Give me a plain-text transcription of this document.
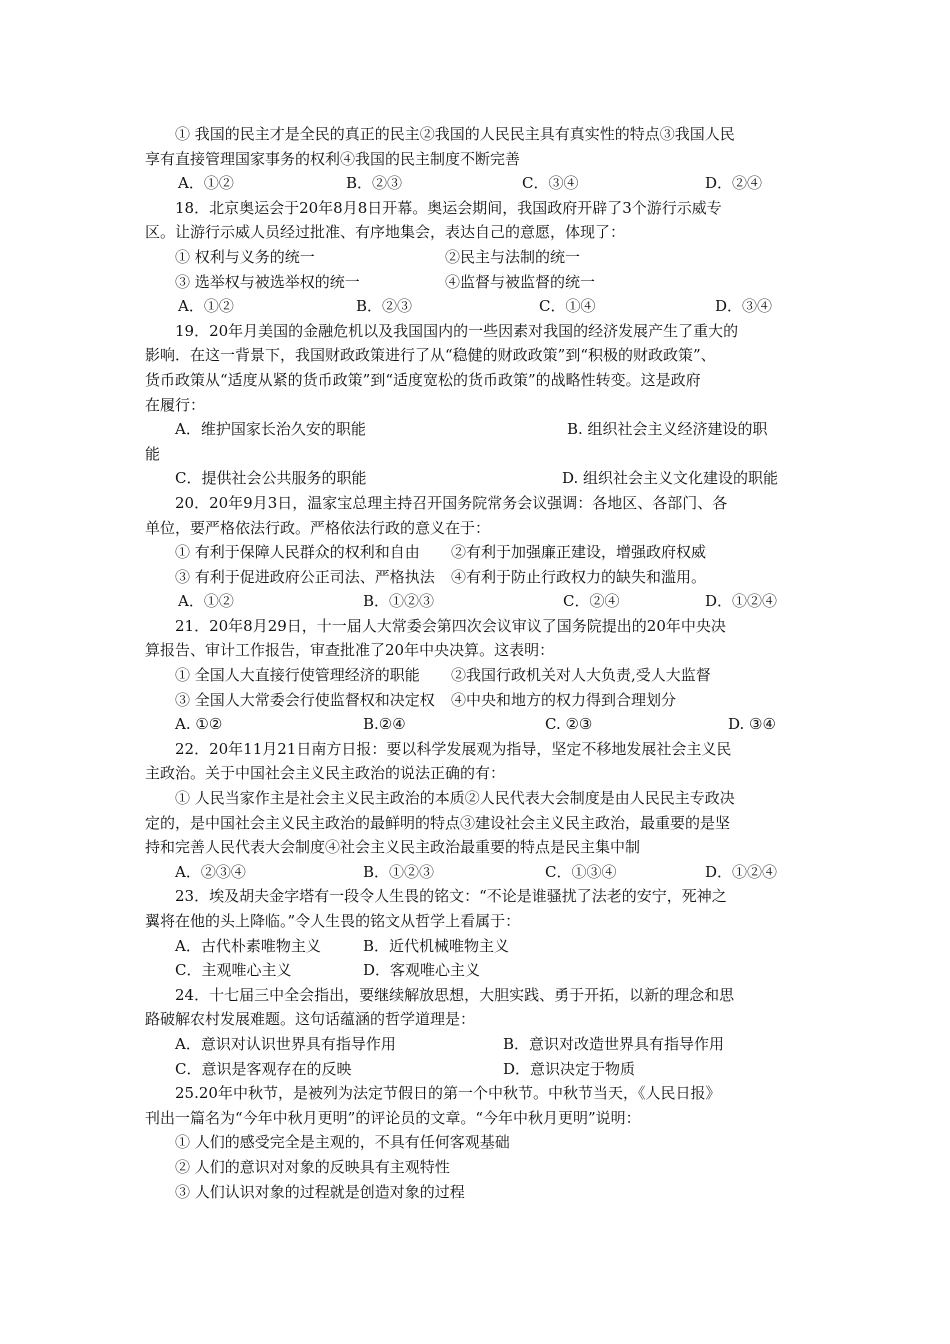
① 我国的民主才是全民的真正的民主②我国的人民民主具有真实性的特点③我国人民
享有直接管理国家事务的权利④我国的民主制度不断完善
A．①②	B．②③	C．③④	D．②④
18．北京奥运会于20年8月8日开幕。奥运会期间，我国政府开辟了3个游行示威专
区。让游行示威人员经过批准、有序地集会，表达自己的意愿，体现了：
① 权利与义务的统一	②民主与法制的统一
③ 选举权与被选举权的统一	④监督与被监督的统一
A．①②	B．②③	C．①④	D．③④
19．20年月美国的金融危机以及我国国内的一些因素对我国的经济发展产生了重大的
影响．在这一背景下，我国财政政策进行了从“稳健的财政政策”到“积极的财政政策”、
货币政策从“适度从紧的货币政策”到“适度宽松的货币政策”的战略性转变。这是政府
在履行：
A．维护国家长治久安的职能	B. 组织社会主义经济建设的职
能
C．提供社会公共服务的职能	D. 组织社会主义文化建设的职能
20．20年9月3日，温家宝总理主持召开国务院常务会议强调：各地区、各部门、各
单位，要严格依法行政。严格依法行政的意义在于：
① 有利于保障人民群众的权利和自由	②有利于加强廉正建设，增强政府权威
③ 有利于促进政府公正司法、严格执法	④有利于防止行政权力的缺失和滥用。
A．①②	B．①②③	C．②④	D．①②④
21．20年8月29日，十一届人大常委会第四次会议审议了国务院提出的20年中央决
算报告、审计工作报告，审查批准了20年中央决算。这表明：
① 全国人大直接行使管理经济的职能	②我国行政机关对人大负责,受人大监督
③ 全国人大常委会行使监督权和决定权	④中央和地方的权力得到合理划分
A. ①②	B.②④	C. ②③	D. ③④
22．20年11月21日南方日报：要以科学发展观为指导，坚定不移地发展社会主义民
主政治。关于中国社会主义民主政治的说法正确的有：
① 人民当家作主是社会主义民主政治的本质②人民代表大会制度是由人民民主专政决
定的，是中国社会主义民主政治的最鲜明的特点③建设社会主义民主政治，最重要的是坚
持和完善人民代表大会制度④社会主义民主政治最重要的特点是民主集中制
A．②③④	B．①②③	C．①③④	D．①②④
23．埃及胡夫金字塔有一段令人生畏的铭文：“不论是谁骚扰了法老的安宁，死神之
翼将在他的头上降临。”令人生畏的铭文从哲学上看属于：
A．古代朴素唯物主义	B．近代机械唯物主义
C．主观唯心主义	D．客观唯心主义
24．十七届三中全会指出，要继续解放思想，大胆实践、勇于开拓，以新的理念和思
路破解农村发展难题。这句话蕴涵的哲学道理是：
A．意识对认识世界具有指导作用	B．意识对改造世界具有指导作用
C．意识是客观存在的反映	D．意识决定于物质
25.20年中秋节，是被列为法定节假日的第一个中秋节。中秋节当天，《人民日报》
刊出一篇名为“今年中秋月更明”的评论员的文章。“今年中秋月更明”说明：
① 人们的感受完全是主观的，不具有任何客观基础
② 人们的意识对对象的反映具有主观特性
③ 人们认识对象的过程就是创造对象的过程
